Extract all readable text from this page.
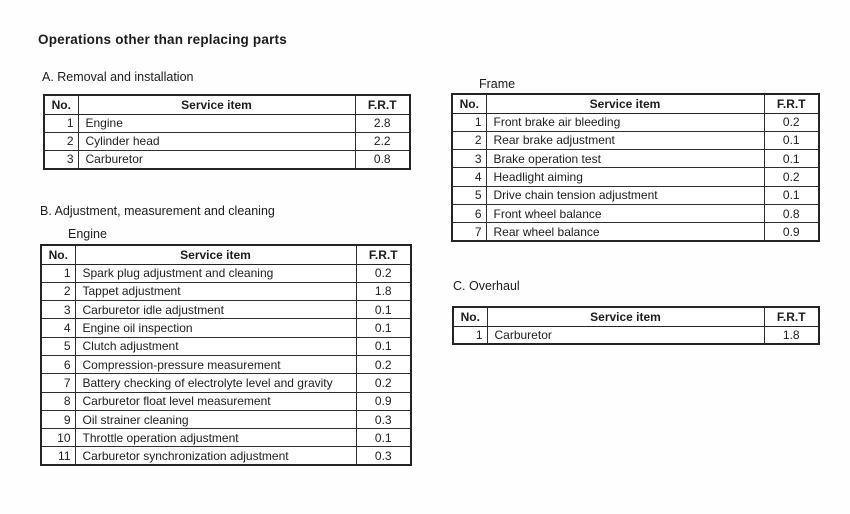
Operations other than replacing parts
A. Removal and installation
No.	Service item	F.R.T
1	Engine	2.8
2	Cylinder head	2.2
3	Carburetor	0.8
B. Adjustment, measurement and cleaning
Engine
No.	Service item	F.R.T
1	Spark plug adjustment and cleaning	0.2
2	Tappet adjustment	1.8
3	Carburetor idle adjustment	0.1
4	Engine oil inspection	0.1
5	Clutch adjustment	0.1
6	Compression-pressure measurement	0.2
7	Battery checking of electrolyte level and gravity	0.2
8	Carburetor float level measurement	0.9
9	Oil strainer cleaning	0.3
10	Throttle operation adjustment	0.1
11	Carburetor synchronization adjustment	0.3
Frame
No.	Service item	F.R.T
1	Front brake air bleeding	0.2
2	Rear brake adjustment	0.1
3	Brake operation test	0.1
4	Headlight aiming	0.2
5	Drive chain tension adjustment	0.1
6	Front wheel balance	0.8
7	Rear wheel balance	0.9
C. Overhaul
No.	Service item	F.R.T
1	Carburetor	1.8
